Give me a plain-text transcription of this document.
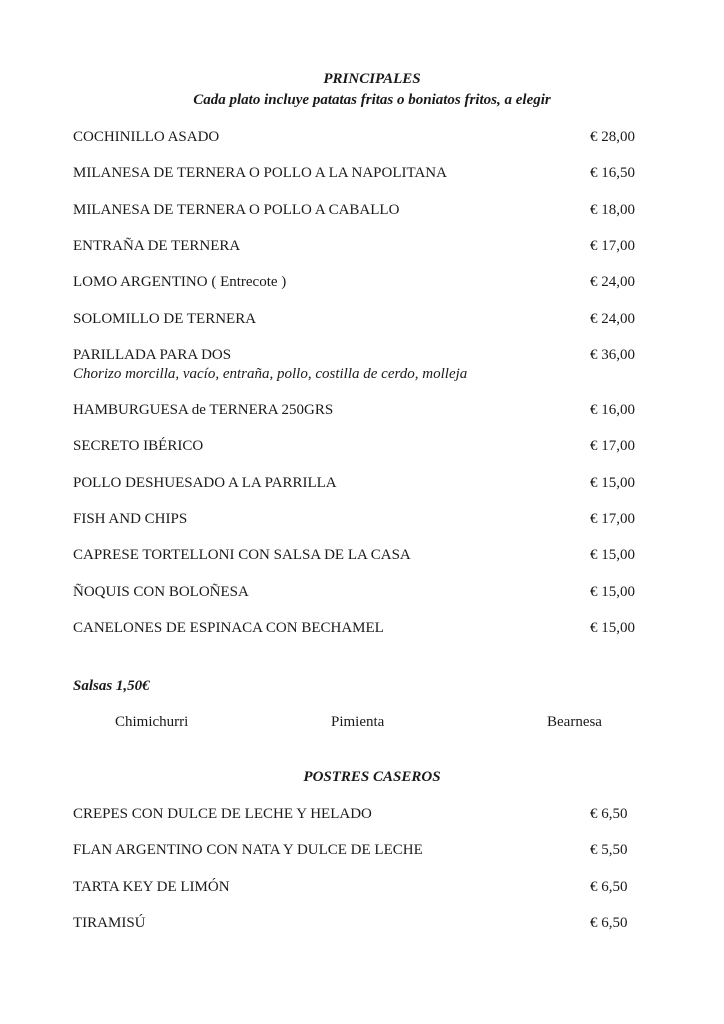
PRINCIPALES
Cada plato incluye patatas fritas o boniatos fritos, a elegir
COCHINILLO ASADO	€ 28,00
MILANESA DE TERNERA O POLLO A LA NAPOLITANA	€ 16,50
MILANESA DE TERNERA O POLLO A CABALLO	€ 18,00
ENTRAÑA DE TERNERA	€ 17,00
LOMO ARGENTINO ( Entrecote )	€ 24,00
SOLOMILLO DE TERNERA	€ 24,00
PARILLADA PARA DOS	€ 36,00
Chorizo morcilla, vacío, entraña, pollo, costilla de cerdo, molleja
HAMBURGUESA de TERNERA 250GRS	€ 16,00
SECRETO IBÉRICO	€ 17,00
POLLO DESHUESADO A LA PARRILLA	€ 15,00
FISH AND CHIPS	€ 17,00
CAPRESE TORTELLONI CON SALSA DE LA CASA	€ 15,00
ÑOQUIS CON BOLOÑESA	€ 15,00
CANELONES DE ESPINACA CON BECHAMEL	€ 15,00
Salsas 1,50€
Chimichurri	Pimienta	Bearnesa
POSTRES CASEROS
CREPES CON DULCE DE LECHE Y HELADO	€ 6,50
FLAN ARGENTINO CON NATA Y DULCE DE LECHE	€ 5,50
TARTA KEY DE LIMÓN	€ 6,50
TIRAMISÚ	€ 6,50
